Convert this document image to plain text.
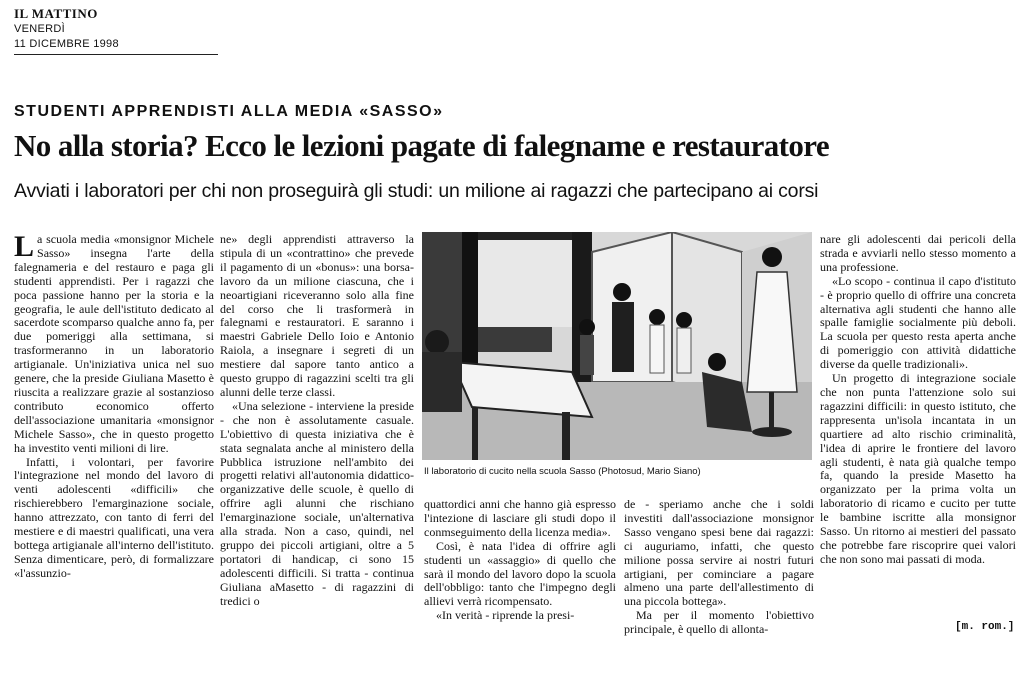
IL MATTINO
VENERDÌ
11 DICEMBRE 1998
STUDENTI APPRENDISTI ALLA MEDIA «SASSO»
No alla storia? Ecco le lezioni pagate di falegname e restauratore
Avviati i laboratori per chi non proseguirà gli studi: un milione ai ragazzi che partecipano ai corsi

La scuola media «monsignor Michele Sasso» insegna l'arte della falegnameria e del restauro e paga gli studenti apprendisti. Per i ragazzi che poca passione hanno per la storia e la geografia, le aule dell'istituto dedicato al sacerdote scomparso qualche anno fa, per due pomeriggi alla settimana, si trasformeranno in un laboratorio artigianale. Un'iniziativa unica nel suo genere, che la preside Giuliana Masetto è riuscita a realizzare grazie al sostanzioso contributo economico offerto dell'associazione umanitaria «monsignor Michele Sasso», che in questo progetto ha investito venti milioni di lire.

Infatti, i volontari, per favorire l'integrazione nel mondo del lavoro di venti adolescenti «difficili» che rischierebbero l'emarginazione sociale, hanno attrezzato, con tanto di ferri del mestiere e di maestri qualificati, una vera bottega artigianale all'interno dell'istituto. Senza dimenticare, però, di formalizzare «l'assunzio-

ne» degli apprendisti attraverso la stipula di un «contrattino» che prevede il pagamento di un «bonus»: una borsa-lavoro da un milione ciascuna, che i neoartigiani riceveranno solo alla fine del corso che li trasformerà in falegnami e restauratori. E saranno i maestri Gabriele Dello Ioio e Antonio Raiola, a insegnare i segreti di un mestiere dal sapore tanto antico a questo gruppo di ragazzini scelti tra gli alunni delle terze classi.

«Una selezione - interviene la preside - che non è assolutamente casuale. L'obiettivo di questa iniziativa che è stata segnalata anche al ministero della Pubblica istruzione nell'ambito dei progetti relativi all'autonomia didattico-organizzative delle scuole, è quello di offrire agli alunni che rischiano l'emarginazione sociale, un'alternativa alla strada. Non a caso, quindi, nel gruppo dei piccoli artigiani, oltre a 5 portatori di handicap, ci sono 15 adolescenti difficili. Si tratta - continua Giuliana aMasetto - di ragazzini di tredici o

Il laboratorio di cucito nella scuola Sasso (Photosud, Mario Siano)

quattordici anni che hanno già espresso l'intezione di lasciare gli studi dopo il conmseguimento della licenza media».

Così, è nata l'idea di offrire agli studenti un «assaggio» di quello che sarà il mondo del lavoro dopo la scuola dell'obbligo: tanto che l'impegno degli allievi verrà ricompensato.

«In verità - riprende la presi-

de - speriamo anche che i soldi investiti dall'associazione monsignor Sasso vengano spesi bene dai ragazzi: ci auguriamo, infatti, che questo milione possa servire ai nostri futuri artigiani, per cominciare a pagare almeno una parte dell'allestimento di una piccola bottega».

Ma per il momento l'obiettivo principale, è quello di allonta-

nare gli adolescenti dai pericoli della strada e avviarli nello stesso momento a una professione.

«Lo scopo - continua il capo d'istituto - è proprio quello di offrire una concreta alternativa agli studenti che hanno alle spalle famiglie socialmente più deboli. La scuola per questo resta aperta anche di pomeriggio con attività didattiche diverse da quelle tradizionali».

Un progetto di integrazione sociale che non punta l'attenzione solo sui ragazzini difficili: in questo istituto, che rappresenta un'isola incantata in un quartiere ad alto rischio criminalità, l'idea di aprire le frontiere del lavoro agli studenti, è nata già qualche tempo fa, quando la preside Masetto ha organizzato per la prima volta un laboratorio di ricamo e cucito per tutte le bambine iscritte alla monsignor Sasso. Un ritorno ai mestieri del passato che potrebbe fare riscoprire quei valori che non sono mai passati di moda.

[m. rom.]
